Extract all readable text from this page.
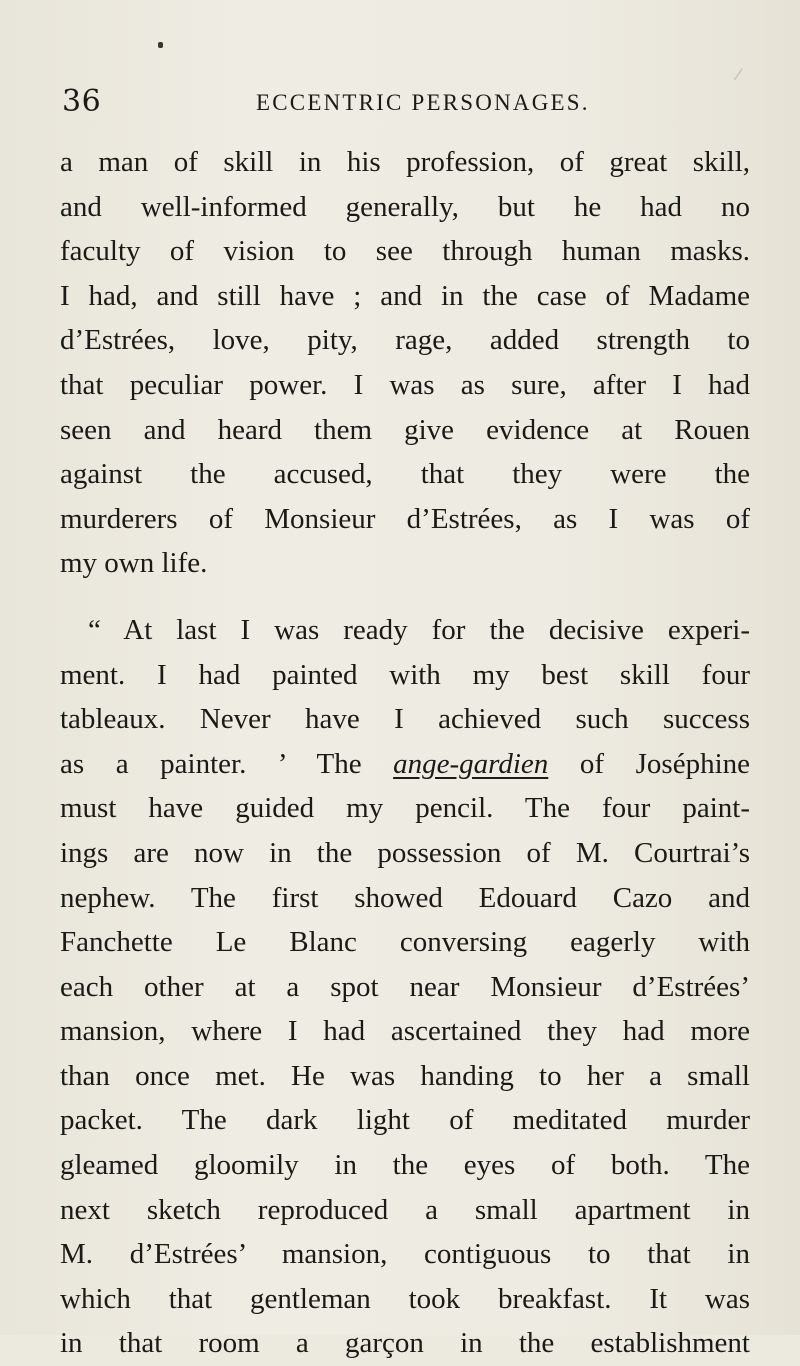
36	ECCENTRIC PERSONAGES.
a man of skill in his profession, of great skill,
and well-informed generally, but he had no
faculty of vision to see through human masks.
I had, and still have ; and in the case of Madame
d’Estrées, love, pity, rage, added strength to
that peculiar power. I was as sure, after I had
seen and heard them give evidence at Rouen
against the accused, that they were the
murderers of Monsieur d’Estrées, as I was of
my own life.
“ At last I was ready for the decisive experi-
ment. I had painted with my best skill four
tableaux. Never have I achieved such success
as a painter. ’ The ange-gardien of Joséphine
must have guided my pencil. The four paint-
ings are now in the possession of M. Courtrai’s
nephew. The first showed Edouard Cazo and
Fanchette Le Blanc conversing eagerly with
each other at a spot near Monsieur d’Estrées’
mansion, where I had ascertained they had more
than once met. He was handing to her a small
packet. The dark light of meditated murder
gleamed gloomily in the eyes of both. The
next sketch reproduced a small apartment in
M. d’Estrées’ mansion, contiguous to that in
which that gentleman took breakfast. It was
in that room a garçon in the establishment
